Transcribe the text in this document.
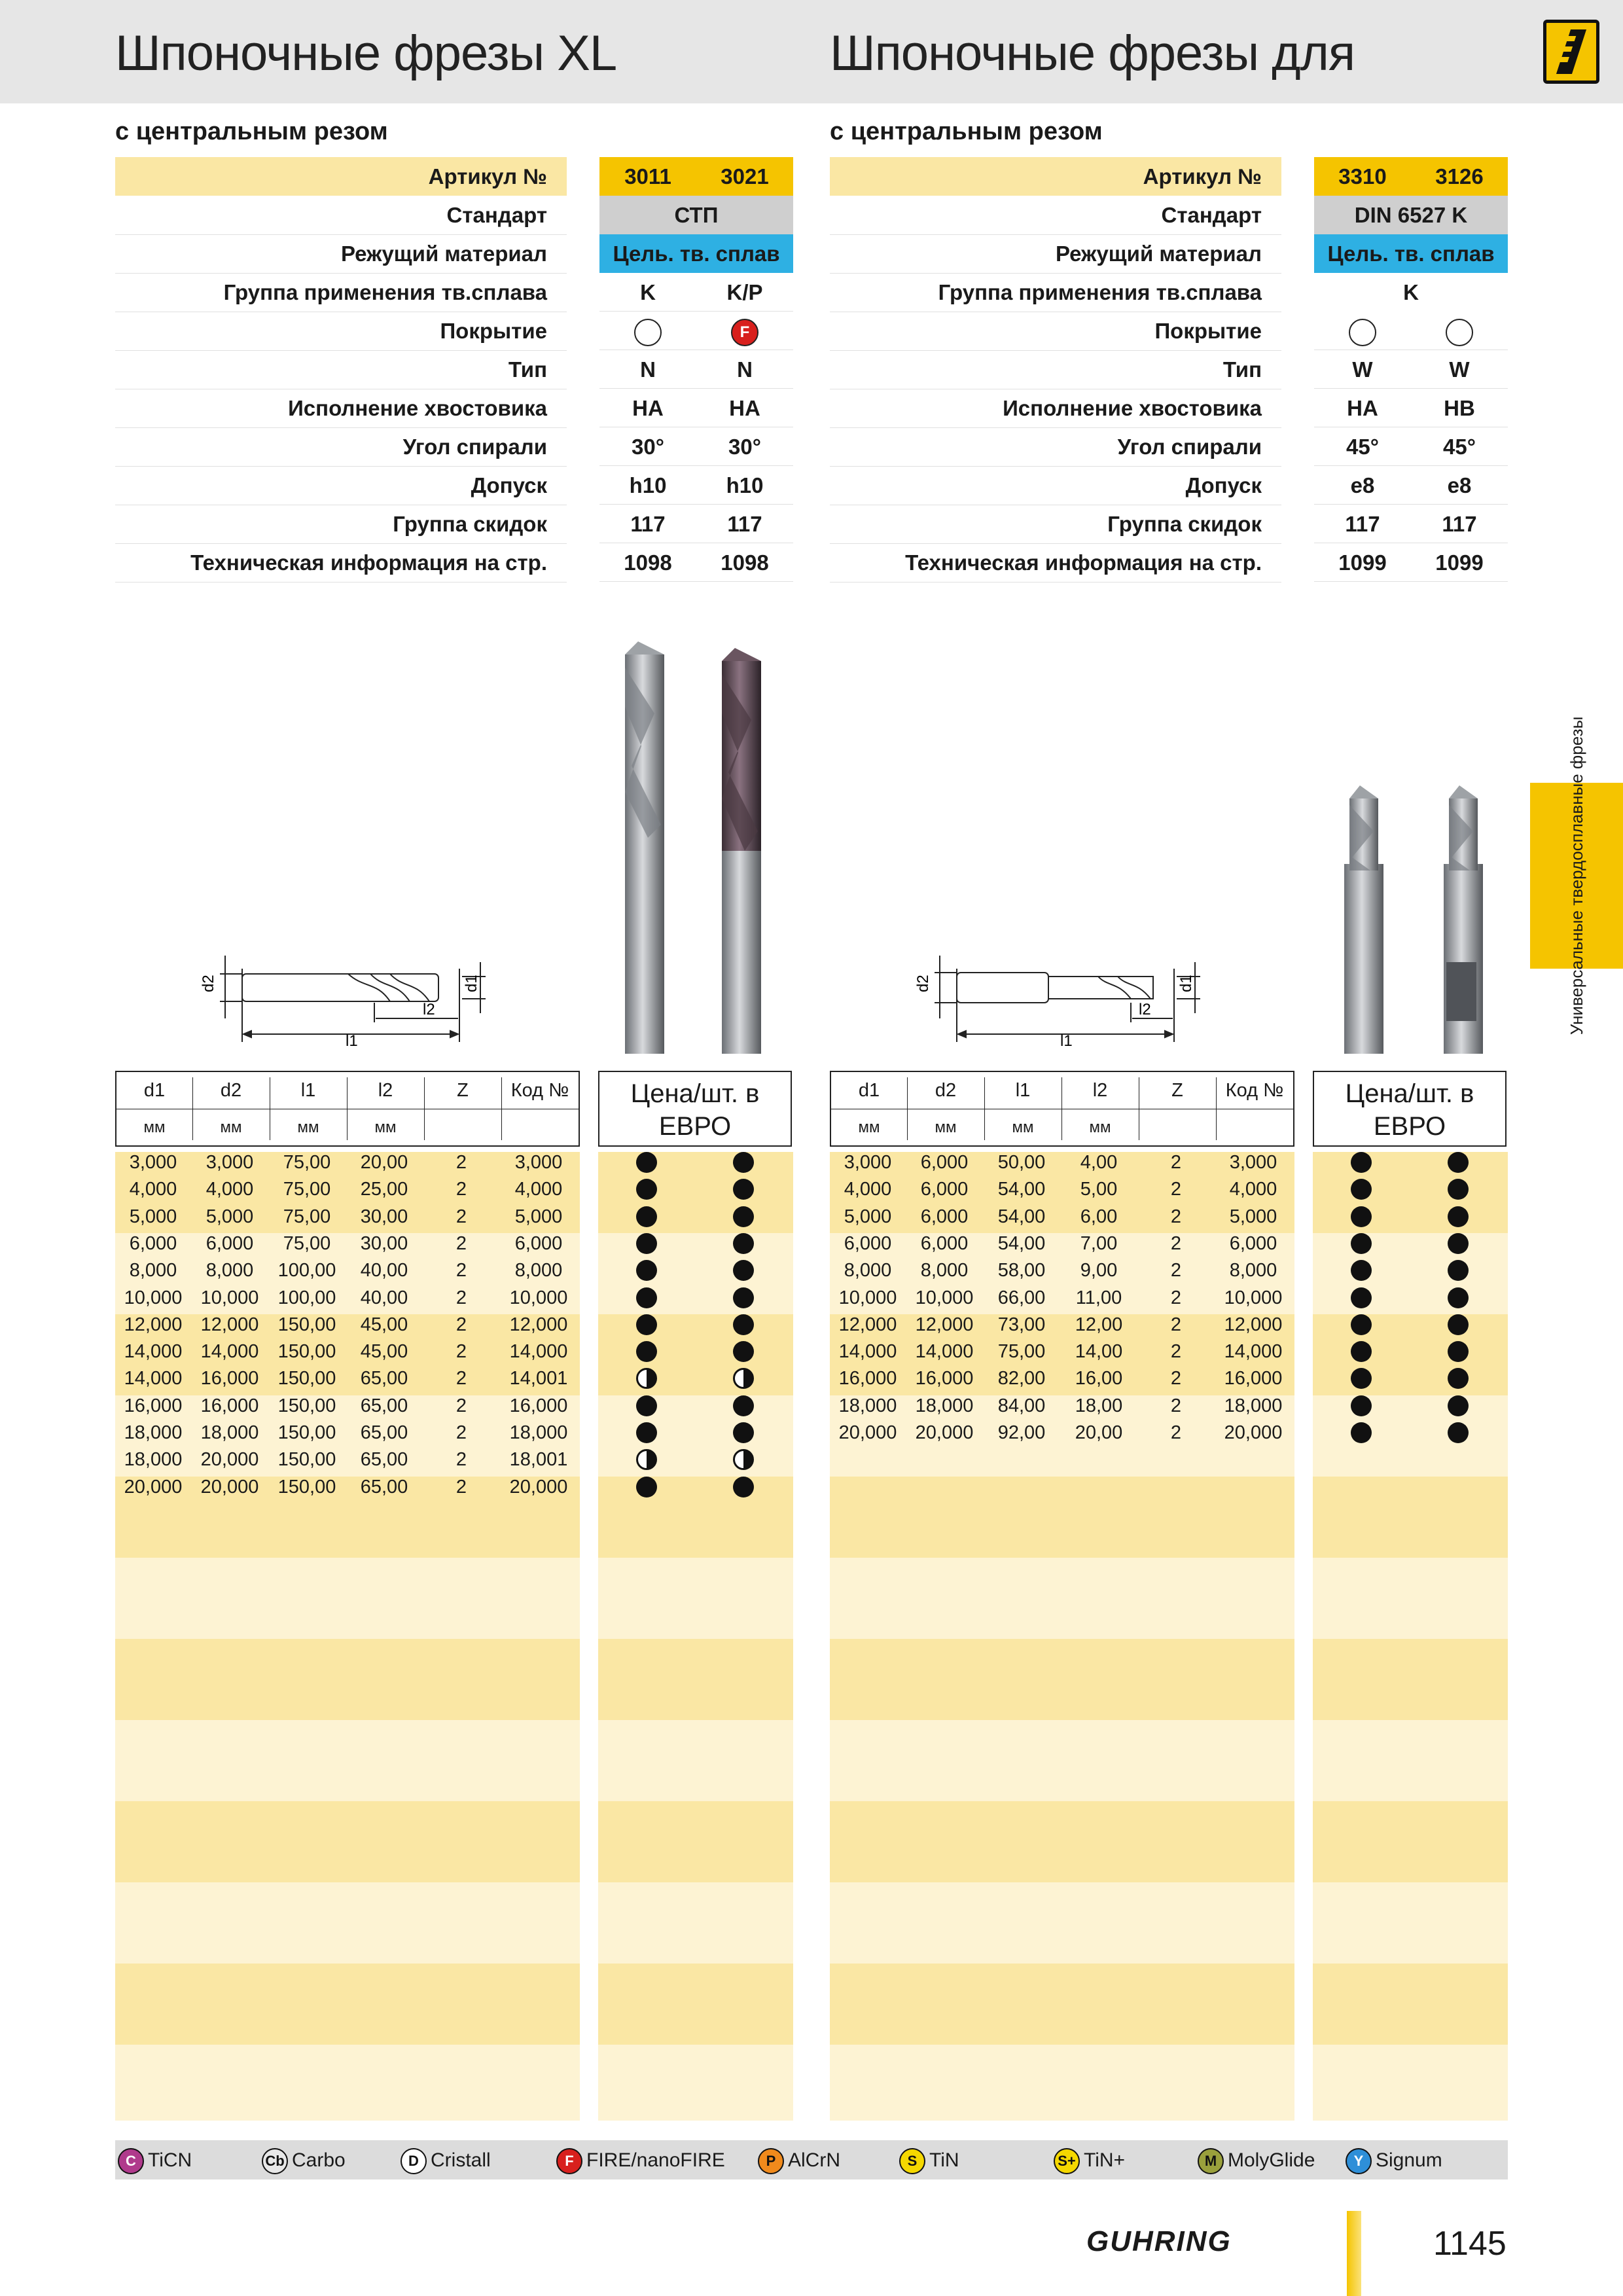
Шпоночные фрезы XL	Шпоночные фрезы для
с центральным резом	с центральным резом
Артикул №	3011	3021
Стандарт	СТП
Режущий материал	Цель. тв. сплав
Группа применения тв.сплава	K	K/P
Покрытие	F
Тип	N	N
Исполнение хвостовика	HA	HA
Угол спирали	30°	30°
Допуск	h10	h10
Группа скидок	117	117
Техническая информация на стр.	1098	1098
Артикул №	3310	3126
Стандарт	DIN 6527 K
Режущий материал	Цель. тв. сплав
Группа применения тв.сплава	K
Покрытие
Тип	W	W
Исполнение хвостовика	HA	HB
Угол спирали	45°	45°
Допуск	e8	e8
Группа скидок	117	117
Техническая информация на стр.	1099	1099
d2	d1
l1
l2
d2	d1
l1
l2
d1	d2	l1	l2	Z	Код №
мм	мм	мм	мм
Цена/шт. в ЕВРО
d1	d2	l1	l2	Z	Код №
мм	мм	мм	мм
Цена/шт. в ЕВРО
3,000	3,000	75,00	20,00	2	3,000
4,000	4,000	75,00	25,00	2	4,000
5,000	5,000	75,00	30,00	2	5,000
6,000	6,000	75,00	30,00	2	6,000
8,000	8,000	100,00	40,00	2	8,000
10,000 10,000	100,00	40,00	2	10,000
12,000 12,000	150,00	45,00	2	12,000
14,000 14,000	150,00	45,00	2	14,000
14,000 16,000	150,00	65,00	2	14,001
16,000 16,000	150,00	65,00	2	16,000
18,000 18,000	150,00	65,00	2	18,000
18,000 20,000	150,00	65,00	2	18,001
20,000 20,000	150,00	65,00	2	20,000
3,000	6,000	50,00	4,00	2	3,000
4,000	6,000	54,00	5,00	2	4,000
5,000	6,000	54,00	6,00	2	5,000
6,000	6,000	54,00	7,00	2	6,000
8,000	8,000	58,00	9,00	2	8,000
10,000 10,000	66,00	11,00	2	10,000
12,000 12,000	73,00	12,00	2	12,000
14,000 14,000	75,00	14,00	2	14,000
16,000 16,000	82,00	16,00	2	16,000
18,000 18,000	84,00	18,00	2	18,000
20,000 20,000	92,00	20,00	2	20,000
Универсальные твердосплавные фрезы
C TiCN	Cb Carbo	D Cristall	F FIRE/nanoFIRE	P AlCrN	S TiN	S+ TiN+	M MolyGlide	Y Signum
GUHRING	1145
